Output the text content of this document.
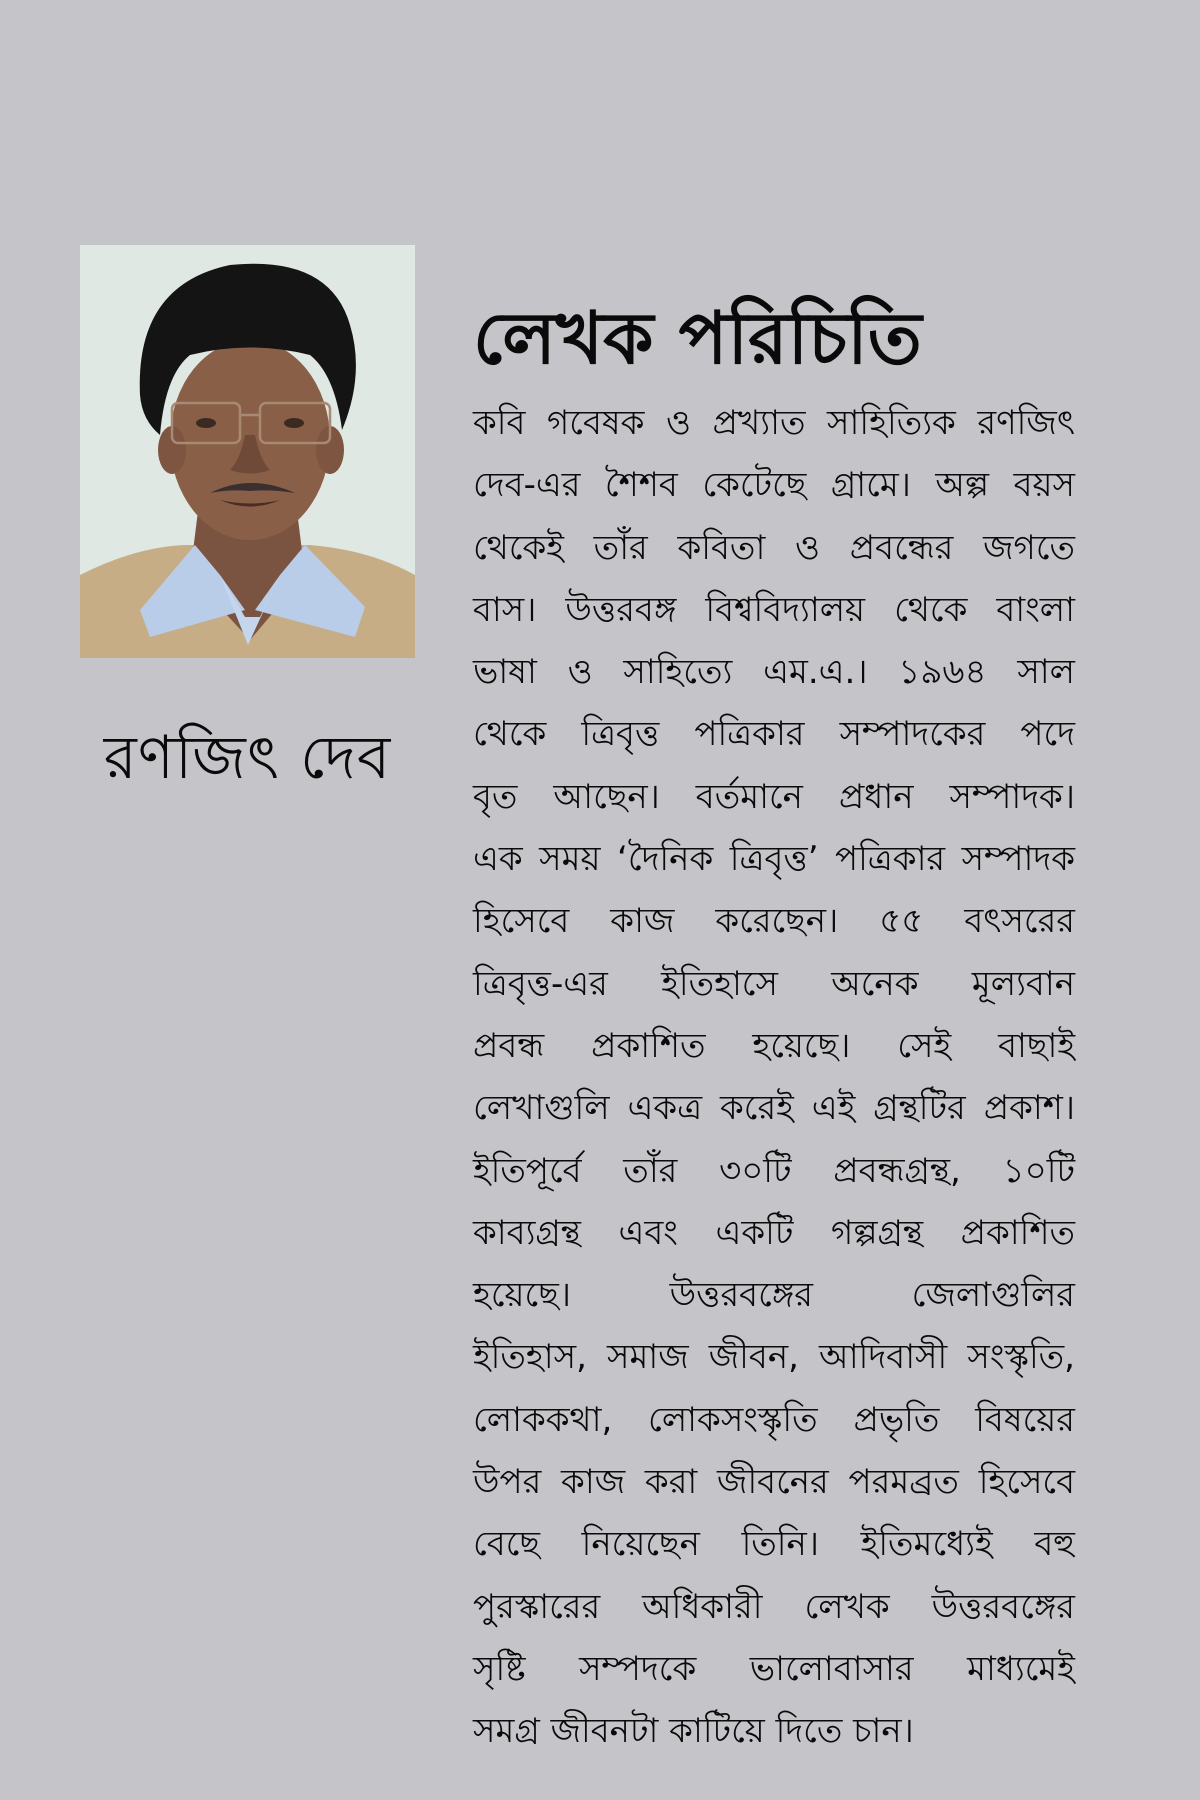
রণজিৎ দেব
লেখক পরিচিতি
কবি গবেষক ও প্রখ্যাত সাহিত্যিক রণজিৎ
দেব-এর শৈশব কেটেছে গ্রামে। অল্প বয়স
থেকেই তাঁর কবিতা ও প্রবন্ধের জগতে
বাস। উত্তরবঙ্গ বিশ্ববিদ্যালয় থেকে বাংলা
ভাষা ও সাহিত্যে এম.এ.। ১৯৬৪ সাল
থেকে ত্রিবৃত্ত পত্রিকার সম্পাদকের পদে
বৃত আছেন। বর্তমানে প্রধান সম্পাদক।
এক সময় ‘দৈনিক ত্রিবৃত্ত’ পত্রিকার সম্পাদক
হিসেবে কাজ করেছেন। ৫৫ বৎসরের
ত্রিবৃত্ত-এর ইতিহাসে অনেক মূল্যবান
প্রবন্ধ প্রকাশিত হয়েছে। সেই বাছাই
লেখাগুলি একত্র করেই এই গ্রন্থটির প্রকাশ।
ইতিপূর্বে তাঁর ৩০টি প্রবন্ধগ্রন্থ, ১০টি
কাব্যগ্রন্থ এবং একটি গল্পগ্রন্থ প্রকাশিত
হয়েছে। উত্তরবঙ্গের জেলাগুলির
ইতিহাস, সমাজ জীবন, আদিবাসী সংস্কৃতি,
লোককথা, লোকসংস্কৃতি প্রভৃতি বিষয়ের
উপর কাজ করা জীবনের পরমব্রত হিসেবে
বেছে নিয়েছেন তিনি। ইতিমধ্যেই বহু
পুরস্কারের অধিকারী লেখক উত্তরবঙ্গের
সৃষ্টি সম্পদকে ভালোবাসার মাধ্যমেই
সমগ্র জীবনটা কাটিয়ে দিতে চান।
